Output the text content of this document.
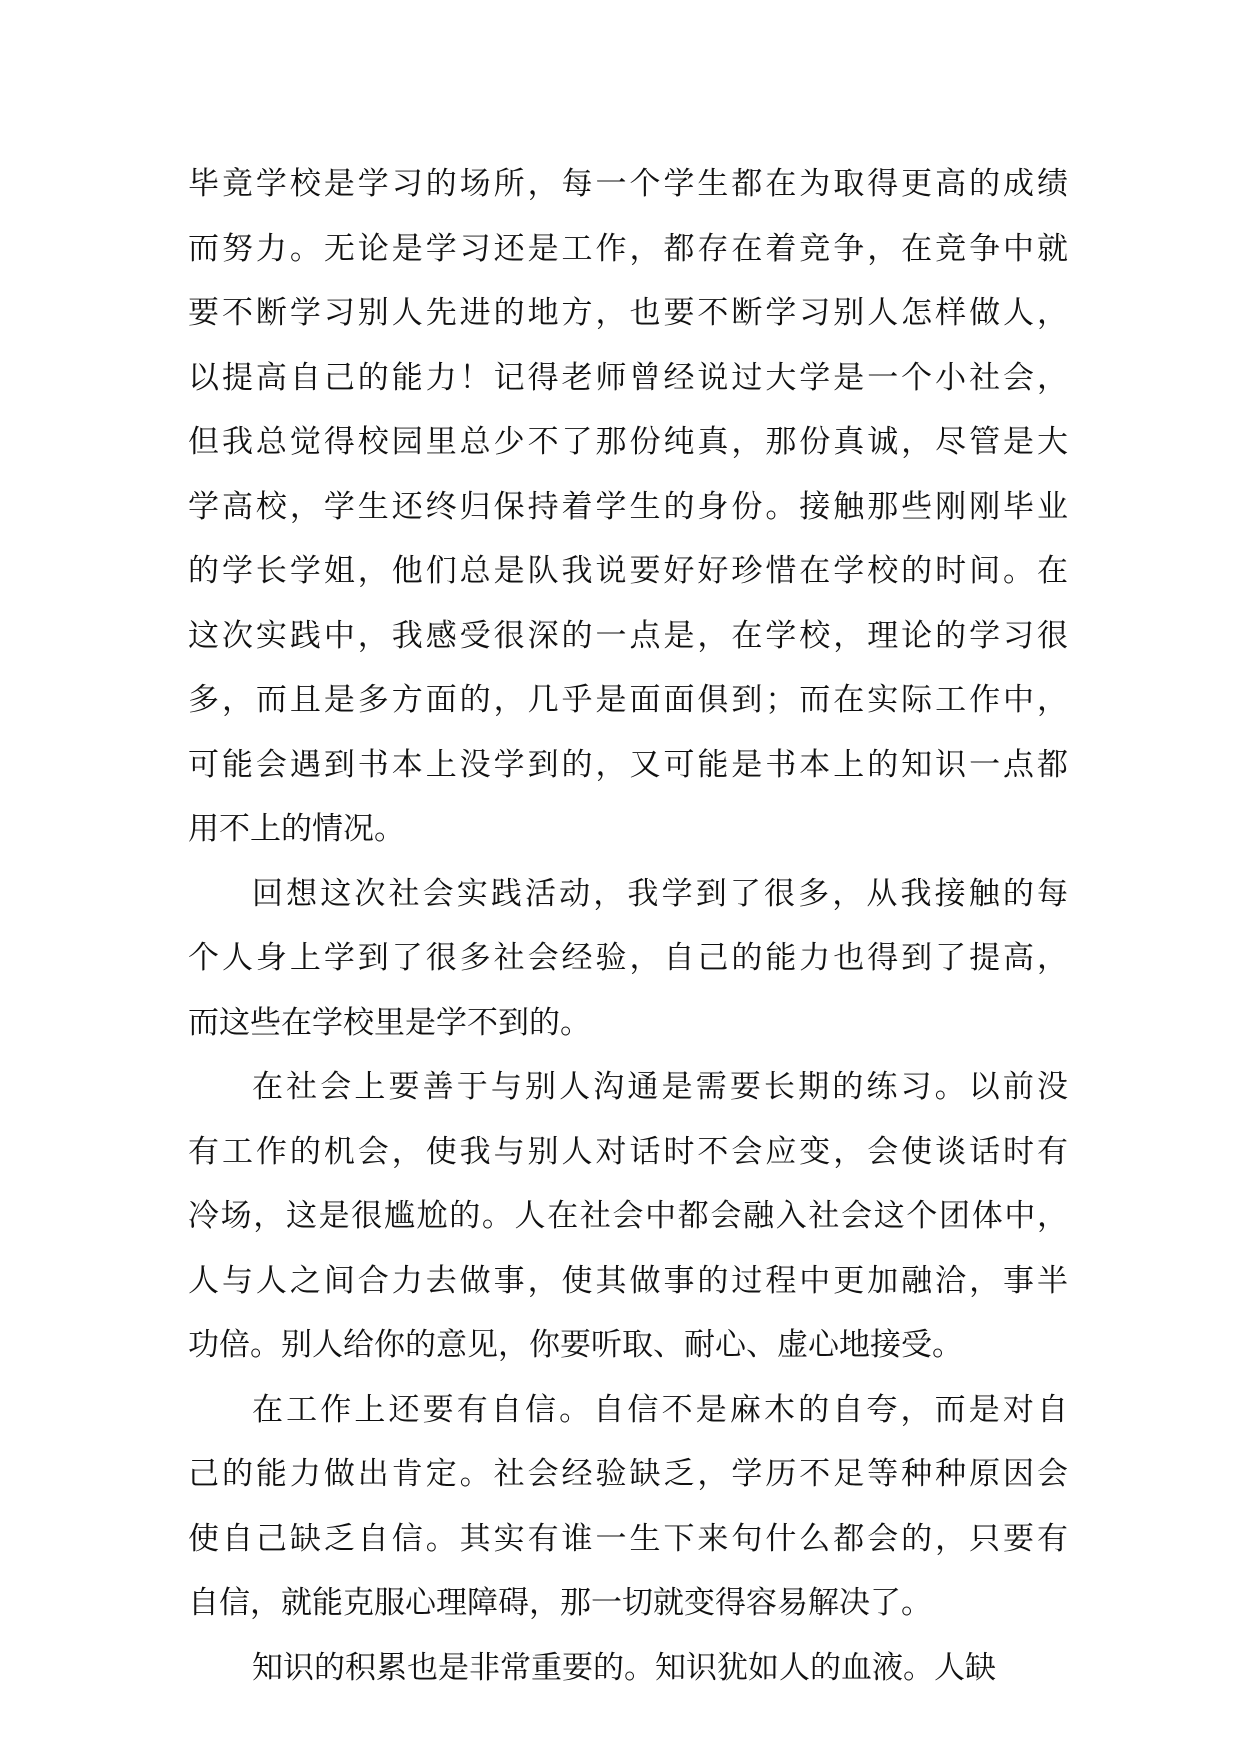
毕竟学校是学习的场所，每一个学生都在为取得更高的成绩
而努力。无论是学习还是工作，都存在着竞争，在竞争中就
要不断学习别人先进的地方，也要不断学习别人怎样做人，
以提高自己的能力！记得老师曾经说过大学是一个小社会，
但我总觉得校园里总少不了那份纯真，那份真诚，尽管是大
学高校，学生还终归保持着学生的身份。接触那些刚刚毕业
的学长学姐，他们总是队我说要好好珍惜在学校的时间。在
这次实践中，我感受很深的一点是，在学校，理论的学习很
多，而且是多方面的，几乎是面面俱到；而在实际工作中，
可能会遇到书本上没学到的，又可能是书本上的知识一点都
用不上的情况。
回想这次社会实践活动，我学到了很多，从我接触的每
个人身上学到了很多社会经验，自己的能力也得到了提高，
而这些在学校里是学不到的。
在社会上要善于与别人沟通是需要长期的练习。以前没
有工作的机会，使我与别人对话时不会应变，会使谈话时有
冷场，这是很尴尬的。人在社会中都会融入社会这个团体中，
人与人之间合力去做事，使其做事的过程中更加融洽，事半
功倍。别人给你的意见，你要听取、耐心、虚心地接受。
在工作上还要有自信。自信不是麻木的自夸，而是对自
己的能力做出肯定。社会经验缺乏，学历不足等种种原因会
使自己缺乏自信。其实有谁一生下来句什么都会的，只要有
自信，就能克服心理障碍，那一切就变得容易解决了。
知识的积累也是非常重要的。知识犹如人的血液。人缺
